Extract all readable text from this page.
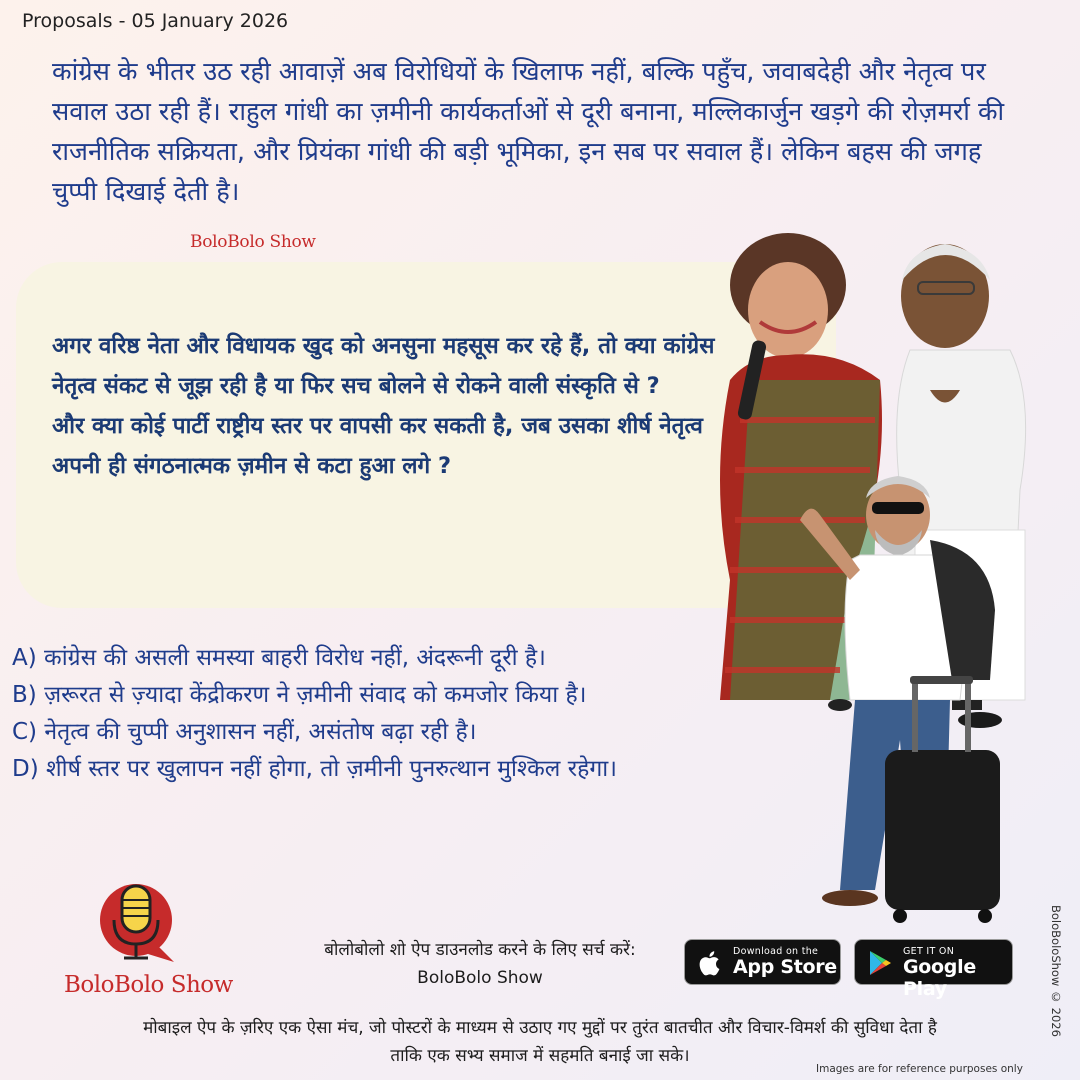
Proposals - 05 January 2026
कांग्रेस के भीतर उठ रही आवाज़ें अब विरोधियों के खिलाफ नहीं, बल्कि पहुँच, जवाबदेही और नेतृत्व पर सवाल उठा रही हैं। राहुल गांधी का ज़मीनी कार्यकर्ताओं से दूरी बनाना, मल्लिकार्जुन खड़गे की रोज़मर्रा की राजनीतिक सक्रियता, और प्रियंका गांधी की बड़ी भूमिका, इन सब पर सवाल हैं। लेकिन बहस की जगह चुप्पी दिखाई देती है।
BoloBolo Show
अगर वरिष्ठ नेता और विधायक खुद को अनसुना महसूस कर रहे हैं, तो क्या कांग्रेस नेतृत्व संकट से जूझ रही है या फिर सच बोलने से रोकने वाली संस्कृति से ?
और क्या कोई पार्टी राष्ट्रीय स्तर पर वापसी कर सकती है, जब उसका शीर्ष नेतृत्व अपनी ही संगठनात्मक ज़मीन से कटा हुआ लगे ?
A) कांग्रेस की असली समस्या बाहरी विरोध नहीं, अंदरूनी दूरी है।
B) ज़रूरत से ज़्यादा केंद्रीकरण ने ज़मीनी संवाद को कमजोर किया है।
C) नेतृत्व की चुप्पी अनुशासन नहीं, असंतोष बढ़ा रही है।
D) शीर्ष स्तर पर खुलापन नहीं होगा, तो ज़मीनी पुनरुत्थान मुश्किल रहेगा।
BoloBolo Show
बोलोबोलो शो ऐप डाउनलोड करने के लिए सर्च करें:
BoloBolo Show
Download on the
App Store
GET IT ON
Google Play
मोबाइल ऐप के ज़रिए एक ऐसा मंच, जो पोस्टरों के माध्यम से उठाए गए मुद्दों पर तुरंत बातचीत और विचार-विमर्श की सुविधा देता है
ताकि एक सभ्य समाज में सहमति बनाई जा सके।
BoloBoloShow © 2026
Images are for reference purposes only
